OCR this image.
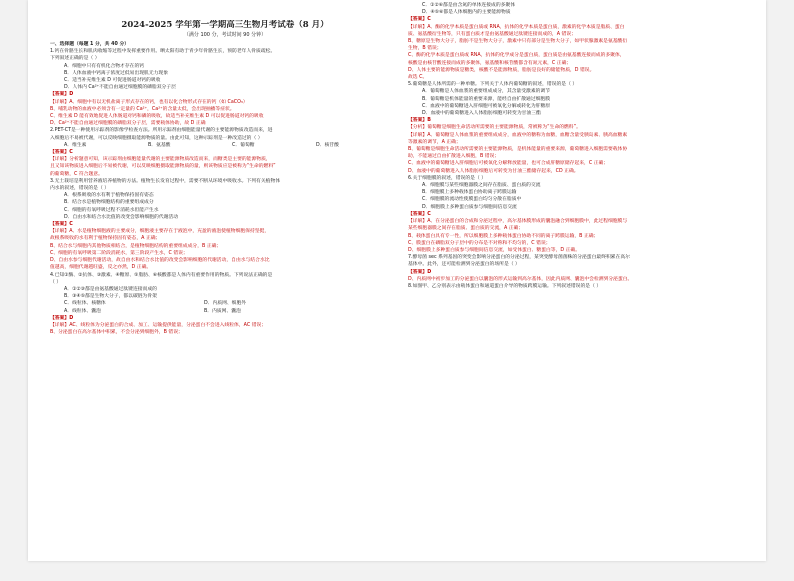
2024-2025 学年第一学期高三生物月考试卷（8 月）
（满分 100 分，考试时间 90 分钟）
一、选择题（每题 1 分，共 40 分）
1.钙在骨骼生长和肌肉收缩等过程中发挥重要作用。晒太阳有助于青少年骨骼生长，预防老年人骨质疏松。
下列叙述正确的是（ ）
A．细胞中只有有机化合物才存在的钙
B．人体血液中钙离子浓度过低易出现肌无力现象
C．适当补充维生素 D 可促进肠道对钙的吸收
D．人体内 Ca²⁺不能自由通过细胞膜的磷脂双分子层
【答案】D
【详解】A、细胞中有以无机盐离子形式存在的钙，也有以化合物形式存在的钙（如 CaCO₃）
B、哺乳动物的血液中必须含有一定量的 Ca²⁺，Ca²⁺的含量太低，会出现抽搐等症状。
C、维生素 D 能有效地促进人体肠道对钙和磷的吸收，故适当补充维生素 D 可以促进肠道对钙的吸收
D、Ca²⁺不能自由通过细胞膜的磷脂双分子层，需要载体协助，故 D 正确
2.PET-CT是一种使用示踪剂的影像学检查方法。所用示踪剂由细胞能量代谢的主要能源物质改造而来，进
入细胞后不易被代谢，可以反映细胞摄取能源物质的量。由此可知，这种示踪剂是一种改造过的（ ）
A．维生素	B．氨基酸	C．葡萄糖	D．核苷酸
【答案】C
【详解】分析题意可知，该示踪剂由细胞能量代谢的主要能源物质改造而来，而糖类是主要的能源物质，
且又知该物质进入细胞后不易被代谢，可以反映细胞摄取能源物质的量，则该物质应是被称为“生命的燃料”
的葡萄糖，C 符合题意。
3.无土栽培是利用营养液培养植物的方法。植物生长发育过程中，需要不断从环境中吸收水。下列有关植物体
内水的叙述，错误的是（ ）
A．根系吸收的水有利于植物保持固有姿态
B．结合水是植物细胞结构的重要组成成分
C．细胞的有氧呼吸过程不消耗水但能产生水
D．自由水和结合水比值的改变会影响细胞的代谢活动
【答案】C
【详解】A、水是植物细胞液的主要成分，细胞液主要存在于液泡中，充盈的液泡使植物细胞保持坚挺，
故根系吸收的水有利于植物保持固有姿态，A 正确；
B、结合水与细胞内其他物质相结合，是植物细胞结构的重要组成成分，B 正确；
C、细胞的有氧呼吸第二阶段消耗水，第三阶段产生水，C 错误；
D、自由水参与细胞代谢活动，故自由水和结合水比值的改变会影响细胞的代谢活动，自由水与结合水比
值越高，细胞代谢越旺盛，反之亦然，D 正确。
4.已知①酶、②抗体、③激素、④糖原、⑤脂肪、⑥核酸都是人体内有重要作用的物质。下列说法正确的是
（ ）
A．①②③都是由氨基酸通过肽键连接而成的
B．③④⑤都是生物大分子，都以碳链为骨架
C．线粒体、核糖体	D．内质网、细胞外
A．线粒体、囊泡	B．内质网、囊泡
【答案】D
【详解】AC、线粒体为分泌蛋白的合成、加工、运输提供能量，分泌蛋白不会进入线粒体，AC 错误；
B、分泌蛋白在高尔基体中积累，不会分泌到细胞外，B 错误；
C．①②⑥都是由含氮的单体连接成的多聚体
D．④⑤⑥都是人体细胞内的主要能源物质
【答案】C
【详解】A、酶的化学本质是蛋白质或 RNA，抗体的化学本质是蛋白质，激素的化学本质是脂质、蛋白
质、氨基酸衍生物等，只有蛋白质才是由氨基酸通过肽键连接而成的，A 错误；
B、糖原是生物大分子，脂肪不是生物大分子，激素中只有部分是生物大分子，如甲状腺激素是氨基酸衍
生物，B 错误；
C、酶的化学本质是蛋白质或 RNA，抗体的化学成分是蛋白质，蛋白质是由氨基酸连接而成的多聚体，
核酸是由核苷酸连接而成的多聚体，氨基酸和核苷酸都含有氮元素，C 正确；
D、人体主要的能源物质是糖类，核酸不是能源物质，脂肪是良好的储能物质，D 错误。
故选 C。
5.葡萄糖是人体所需的一种单糖。下列关于人体内葡萄糖的叙述，错误的是（ ）
A．葡萄糖是人体血浆的重要组成成分，其含量受激素的调节
B．葡萄糖是机体能量的重要来源，能经自由扩散通过细胞膜
C．血液中的葡萄糖进入肝细胞可被氧化分解或转化为肝糖原
D．血液中的葡萄糖进入人体脂肪细胞可转变为甘油三酯
【答案】B
【分析】葡萄糖是细胞生命活动所需要的主要能源物质，常被称为“生命的燃料”。
【详解】A、葡萄糖是人体血浆的重要组成成分，血液中的糖称为血糖，血糖含量受胰岛素、胰高血糖素
等激素的调节，A 正确；
B、葡萄糖是细胞生命活动所需要的主要能源物质，是机体能量的重要来源，葡萄糖进入细胞需要载体协
助，不能通过自由扩散进入细胞，B 错误；
C、血液中的葡萄糖进入肝细胞后可被氧化分解释放能量，也可合成肝糖原储存起来，C 正确；
D、血液中的葡萄糖进入人体脂肪细胞后可转变为甘油三酯储存起来，CD 正确。
6.关于细胞膜的叙述，错误的是（ ）
A．细胞膜与某些细胞器膜之间存在脂质、蛋白质的交流
B．细胞膜上多种载体蛋白协助离子跨膜运输
C．细胞膜的流动性使膜蛋白均匀分散在脂质中
D．细胞膜上多种蛋白质参与细胞间信息交流
【答案】C
【详解】A、在分泌蛋白的合成和分泌过程中，高尔基体膜形成的囊泡融合到细胞膜中，此过程细胞膜与
某些细胞器膜之间存在脂质、蛋白质的交流，A 正确；
B、载体蛋白具有专一性，所以细胞膜上多种载体蛋白协助不同的离子跨膜运输，B 正确；
C、膜蛋白在磷脂双分子层中的分布是不对称和不均匀的，C 错误；
D、细胞膜上多种蛋白质参与细胞间信息交流，如受体蛋白、糖蛋白等，D 正确。
7.酵母菌 sec 系列基因的突变会影响分泌蛋白的分泌过程，某突变酵母菌菌株的分泌蛋白最终积累在高尔
基体中。此外，还可能检测到分泌蛋白的场所是（ ）
【答案】D
D、内质网中初步加工的分泌蛋白以囊泡的形式运输到高尔基体，因此内质网、囊泡中会检测到分泌蛋白。
8.如图甲、乙分别表示由载体蛋白和通道蛋白介导的物质跨膜运输。下列叙述错误的是（ ）
